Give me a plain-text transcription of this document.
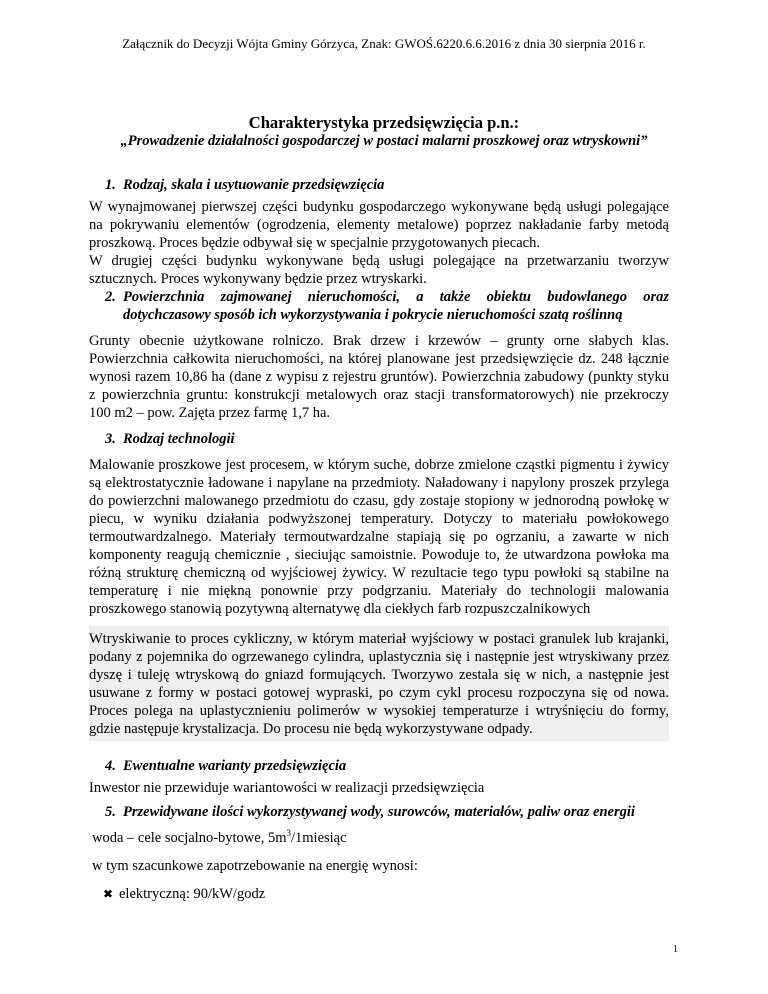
Załącznik do Decyzji Wójta Gminy Górzyca, Znak: GWOŚ.6220.6.6.2016 z dnia 30 sierpnia 2016 r.
Charakterystyka przedsięwzięcia p.n.:
„Prowadzenie działalności gospodarczej w postaci malarni proszkowej oraz wtryskowni”
1. Rodzaj, skala i usytuowanie przedsięwzięcia

W wynajmowanej pierwszej części budynku gospodarczego wykonywane będą usługi polegające na pokrywaniu elementów (ogrodzenia, elementy metalowe) poprzez nakładanie farby metodą proszkową. Proces będzie odbywał się w specjalnie przygotowanych piecach.

W drugiej części budynku wykonywane będą usługi polegające na przetwarzaniu tworzyw sztucznych. Proces wykonywany będzie przez wtryskarki.

2. Powierzchnia zajmowanej nieruchomości, a także obiektu budowlanego oraz dotychczasowy sposób ich wykorzystywania i pokrycie nieruchomości szatą roślinną

Grunty obecnie użytkowane rolniczo. Brak drzew i krzewów – grunty orne słabych klas. Powierzchnia całkowita nieruchomości, na której planowane jest przedsięwzięcie dz. 248 łącznie wynosi razem 10,86 ha (dane z wypisu z rejestru gruntów). Powierzchnia zabudowy (punkty styku z powierzchnia gruntu: konstrukcji metalowych oraz stacji transformatorowych) nie przekroczy 100 m2 – pow. Zajęta przez farmę 1,7 ha.

3. Rodzaj technologii

Malowanie proszkowe jest procesem, w którym suche, dobrze zmielone cząstki pigmentu i żywicy są elektrostatycznie ładowane i napylane na przedmioty. Naładowany i napylony proszek przylega do powierzchni malowanego przedmiotu do czasu, gdy zostaje stopiony w jednorodną powłokę w piecu, w wyniku działania podwyższonej temperatury. Dotyczy to materiału powłokowego termoutwardzalnego. Materiały termoutwardzalne stapiają się po ogrzaniu, a zawarte w nich komponenty reagują chemicznie , sieciując samoistnie. Powoduje to, że utwardzona powłoka ma różną strukturę chemiczną od wyjściowej żywicy. W rezultacie tego typu powłoki są stabilne na temperaturę i nie miękną ponownie przy podgrzaniu. Materiały do technologii malowania proszkowego stanowią pozytywną alternatywę dla ciekłych farb rozpuszczalnikowych

Wtryskiwanie to proces cykliczny, w którym materiał wyjściowy w postaci granulek lub krajanki, podany z pojemnika do ogrzewanego cylindra, uplastycznia się i następnie jest wtryskiwany przez dyszę i tuleję wtryskową do gniazd formujących. Tworzywo zestala się w nich, a następnie jest usuwane z formy w postaci gotowej wypraski, po czym cykl procesu rozpoczyna się od nowa. Proces polega na uplastycznieniu polimerów w wysokiej temperaturze i wtryśnięciu do formy, gdzie następuje krystalizacja. Do procesu nie będą wykorzystywane odpady.

4. Ewentualne warianty przedsięwzięcia

Inwestor nie przewiduje wariantowości w realizacji przedsięwzięcia

5. Przewidywane ilości wykorzystywanej wody, surowców, materiałów, paliw oraz energii

woda – cele socjalno-bytowe, $5m^3/1miesiąc$

w tym szacunkowe zapotrzebowanie na energię wynosi:

✖ elektryczną: 90/kW/godz
1
